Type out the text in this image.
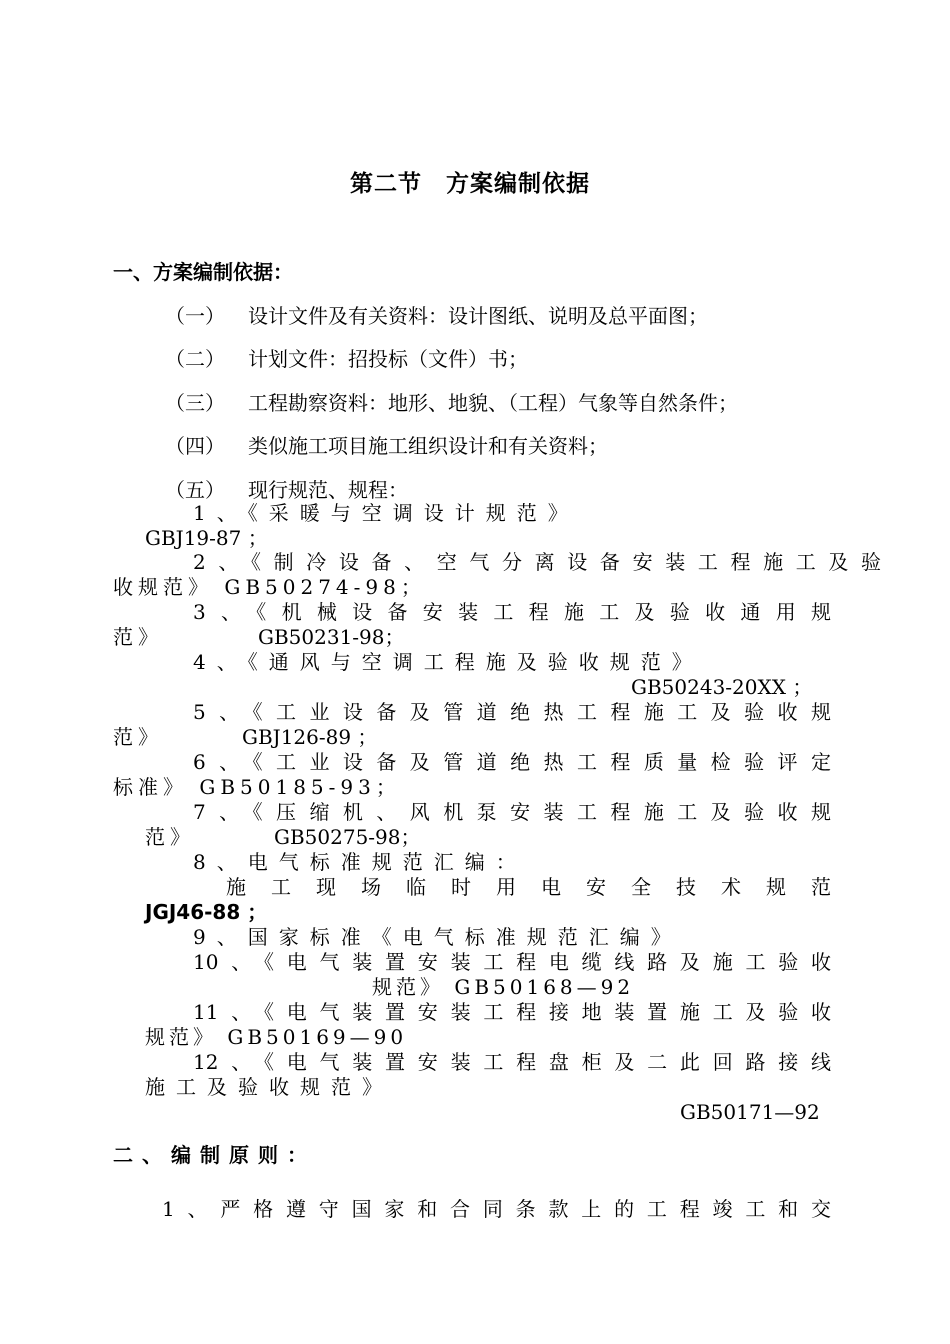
第二节　方案编制依据
一、方案编制依据：
（一） 设计文件及有关资料：设计图纸、说明及总平面图；
（二） 计划文件：招投标（文件）书；
（三） 工程勘察资料：地形、地貌、（工程）气象等自然条件；
（四） 类似施工项目施工组织设计和有关资料；
（五） 现行规范、规程：
1、《采暖与空调设计规范》
GBJ19-87 ；
2、《制冷设备、空气分离设备安装工程施工及验
收规范》 GB50274-98；
3、《机械设备安装工程施工及验收通用规
范》	GB50231-98；
4、《通风与空调工程施及验收规范》
GB50243-20XX ；
5、《工业设备及管道绝热工程施工及验收规
范》	GBJ126-89 ；
6、《工业设备及管道绝热工程质量检验评定
标准》 GB50185-93；
7、《压缩机、风机泵安装工程施工及验收规
范》	GB50275-98；
8、电气标准规范汇编：
施工现场临时用电安全技术规范
JGJ46-88 ；
9、国家标准《电气标准规范汇编》
10、《电气装置安装工程电缆线路及施工验收
规范》 GB50168—92
11、《电气装置安装工程接地装置施工及验收
规范》 GB50169—90
12、《电气装置安装工程盘柜及二此回路接线
施工及验收规范》
GB50171—92
二、编制原则：
1、严格遵守国家和合同条款上的工程竣工和交
